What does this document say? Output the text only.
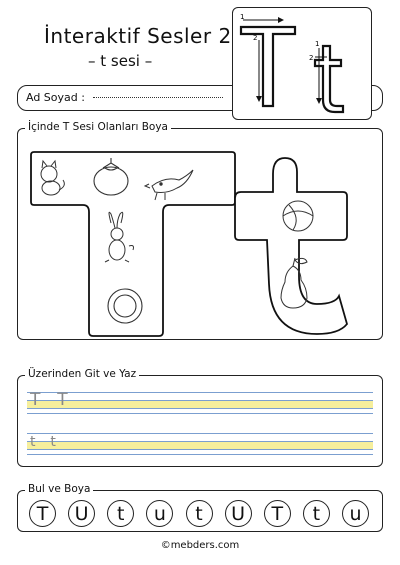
İnteraktif Sesler 2
– t sesi –
Ad Soyad :
1
2
1
2
İçinde T Sesi Olanları Boya
Üzerinden Git ve Yaz
T  T
t  t
Bul ve Boya
T	U	t	u	t	U	T	t	u
©mebders.com
